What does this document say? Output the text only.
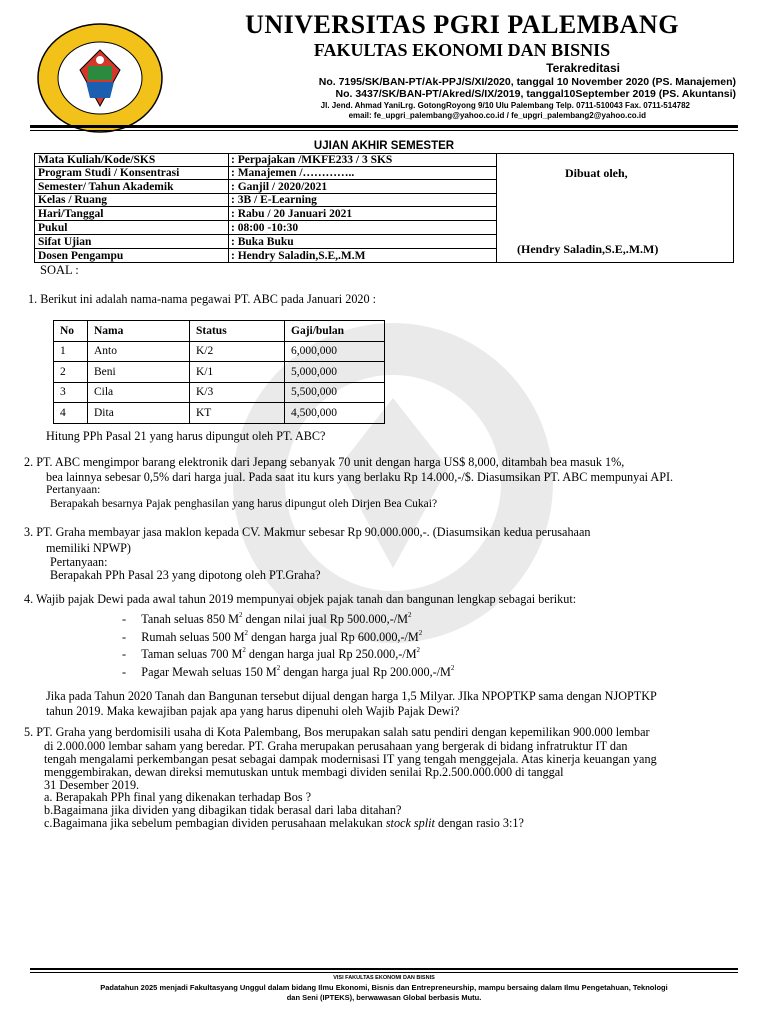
UNIVERSITAS PGRI PALEMBANG
FAKULTAS EKONOMI DAN BISNIS
Terakreditasi
No. 7195/SK/BAN-PT/Ak-PPJ/S/XI/2020, tanggal 10 November 2020 (PS. Manajemen)
No. 3437/SK/BAN-PT/Akred/S/IX/2019, tanggal10September 2019 (PS. Akuntansi)
Jl. Jend. Ahmad YaniLrg. GotongRoyong 9/10 Ulu Palembang Telp. 0711-510043 Fax. 0711-514782
email: fe_upgri_palembang@yahoo.co.id / fe_upgri_palembang2@yahoo.co.id
UJIAN AKHIR SEMESTER
Mata Kuliah/Kode/SKS	: Perpajakan /MKFE233 / 3 SKS
Program Studi / Konsentrasi	: Manajemen /…………..
Semester/ Tahun Akademik	: Ganjil / 2020/2021
Kelas / Ruang	: 3B / E-Learning
Hari/Tanggal	: Rabu / 20 Januari 2021
Pukul	: 08:00 -10:30
Sifat Ujian	: Buka Buku
Dosen Pengampu	: Hendry Saladin,S.E,.M.M
Dibuat oleh,
(Hendry Saladin,S.E,.M.M)
SOAL :
1. Berikut ini adalah nama-nama pegawai PT. ABC pada Januari 2020 :
No	Nama	Status	Gaji/bulan
1	Anto	K/2	6,000,000
2	Beni	K/1	5,000,000
3	Cila	K/3	5,500,000
4	Dita	KT	4,500,000
Hitung PPh Pasal 21 yang harus dipungut oleh PT. ABC?
2. PT. ABC mengimpor barang elektronik dari Jepang sebanyak 70 unit dengan harga US$ 8,000, ditambah bea masuk 1%,
bea lainnya sebesar 0,5% dari harga jual. Pada saat itu kurs yang berlaku Rp 14.000,-/$. Diasumsikan PT. ABC mempunyai API.
Pertanyaan:
Berapakah besarnya Pajak penghasilan yang harus dipungut oleh Dirjen Bea Cukai?
3. PT. Graha membayar jasa maklon kepada CV. Makmur sebesar Rp 90.000.000,-. (Diasumsikan kedua perusahaan
memiliki NPWP)
Pertanyaan:
Berapakah PPh Pasal 23 yang dipotong oleh PT.Graha?
4. Wajib pajak Dewi pada awal tahun 2019 mempunyai objek pajak tanah dan bangunan lengkap sebagai berikut:
- Tanah seluas 850 $M^2$ dengan nilai jual Rp $500.000,-/M^2$
- Rumah seluas 500 $M^2$ dengan harga jual Rp $600.000,-/M^2$
- Taman seluas 700 $M^2$ dengan harga jual Rp $250.000,-/M^2$
- Pagar Mewah seluas 150 $M^2$ dengan harga jual Rp $200.000,-/M^2$
Jika pada Tahun 2020 Tanah dan Bangunan tersebut dijual dengan harga 1,5 Milyar. JIka NPOPTKP sama dengan NJOPTKP
tahun 2019. Maka kewajiban pajak apa yang harus dipenuhi oleh Wajib Pajak Dewi?
5. PT. Graha yang berdomisili usaha di Kota Palembang, Bos merupakan salah satu pendiri dengan kepemilikan 900.000 lembar
di 2.000.000 lembar saham yang beredar. PT. Graha merupakan perusahaan yang bergerak di bidang infratruktur IT dan
tengah mengalami perkembangan pesat sebagai dampak modernisasi IT yang tengah menggejala. Atas kinerja keuangan yang
menggembirakan, dewan direksi memutuskan untuk membagi dividen senilai Rp.2.500.000.000 di tanggal
31 Desember 2019.
a. Berapakah PPh final yang dikenakan terhadap Bos ?
b.Bagaimana jika dividen yang dibagikan tidak berasal dari laba ditahan?
c.Bagaimana jika sebelum pembagian dividen perusahaan melakukan stock split dengan rasio 3:1?
VISI FAKULTAS EKONOMI DAN BISNIS
Padatahun 2025 menjadi Fakultasyang Unggul dalam bidang Ilmu Ekonomi, Bisnis dan Entrepreneurship, mampu bersaing dalam Ilmu Pengetahuan, Teknologi dan Seni (IPTEKS), berwawasan Global berbasis Mutu.
